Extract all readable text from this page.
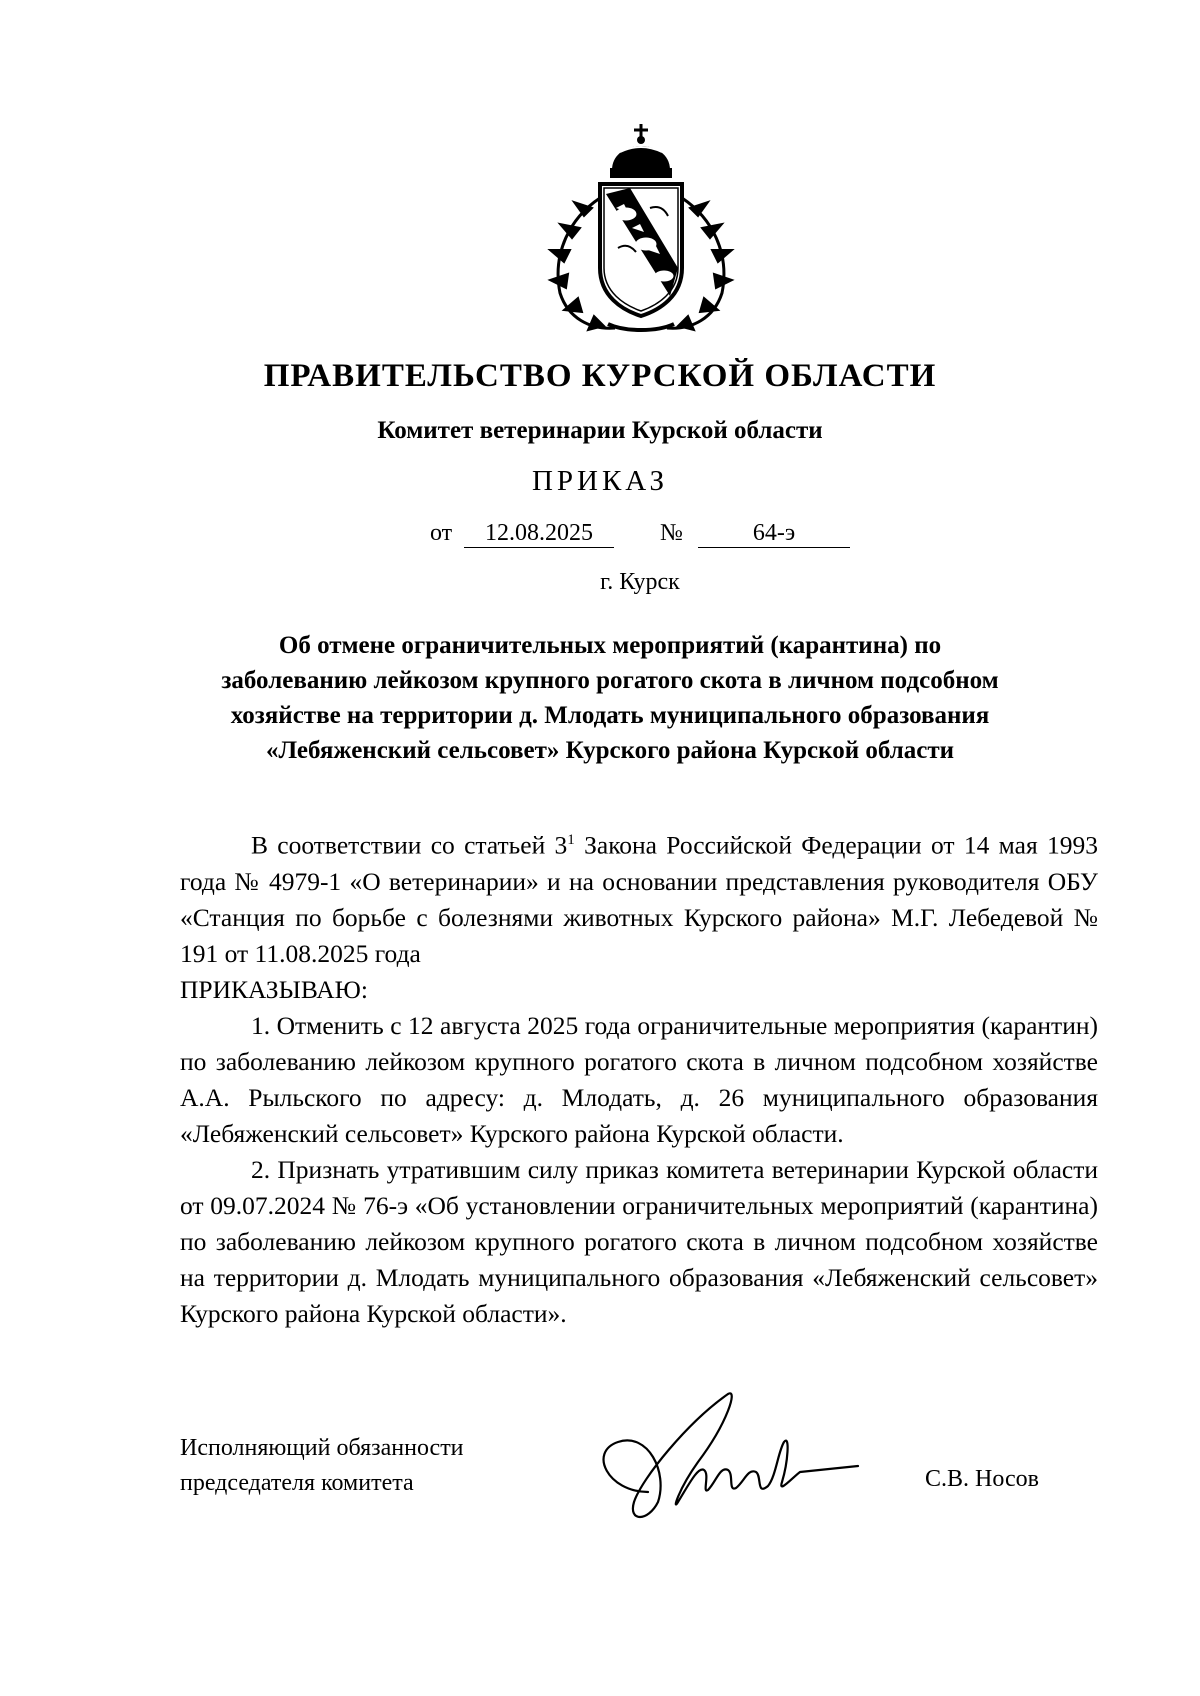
ПРАВИТЕЛЬСТВО КУРСКОЙ ОБЛАСТИ

Комитет ветеринарии Курской области

ПРИКАЗ

от	12.08.2025	№	64-э

г. Курск

Об отмене ограничительных мероприятий (карантина) по
заболеванию лейкозом крупного рогатого скота в личном подсобном
хозяйстве на территории д. Млодать муниципального образования
«Лебяженский сельсовет» Курского района Курской области

В соответствии со статьей $3^1$ Закона Российской Федерации от 14 мая 1993 года № 4979-1 «О ветеринарии» и на основании представления руководителя ОБУ «Станция по борьбе с болезнями животных Курского района» М.Г. Лебедевой № 191 от 11.08.2025 года

ПРИКАЗЫВАЮ:

1. Отменить с 12 августа 2025 года ограничительные мероприятия (карантин) по заболеванию лейкозом крупного рогатого скота в личном подсобном хозяйстве А.А. Рыльского по адресу: д. Млодать, д. 26 муниципального образования «Лебяженский сельсовет» Курского района Курской области.

2. Признать утратившим силу приказ комитета ветеринарии Курской области от 09.07.2024 № 76-э «Об установлении ограничительных мероприятий (карантина) по заболеванию лейкозом крупного рогатого скота в личном подсобном хозяйстве на территории д. Млодать муниципального образования «Лебяженский сельсовет» Курского района Курской области».

Исполняющий обязанности
председателя комитета	С.В. Носов
